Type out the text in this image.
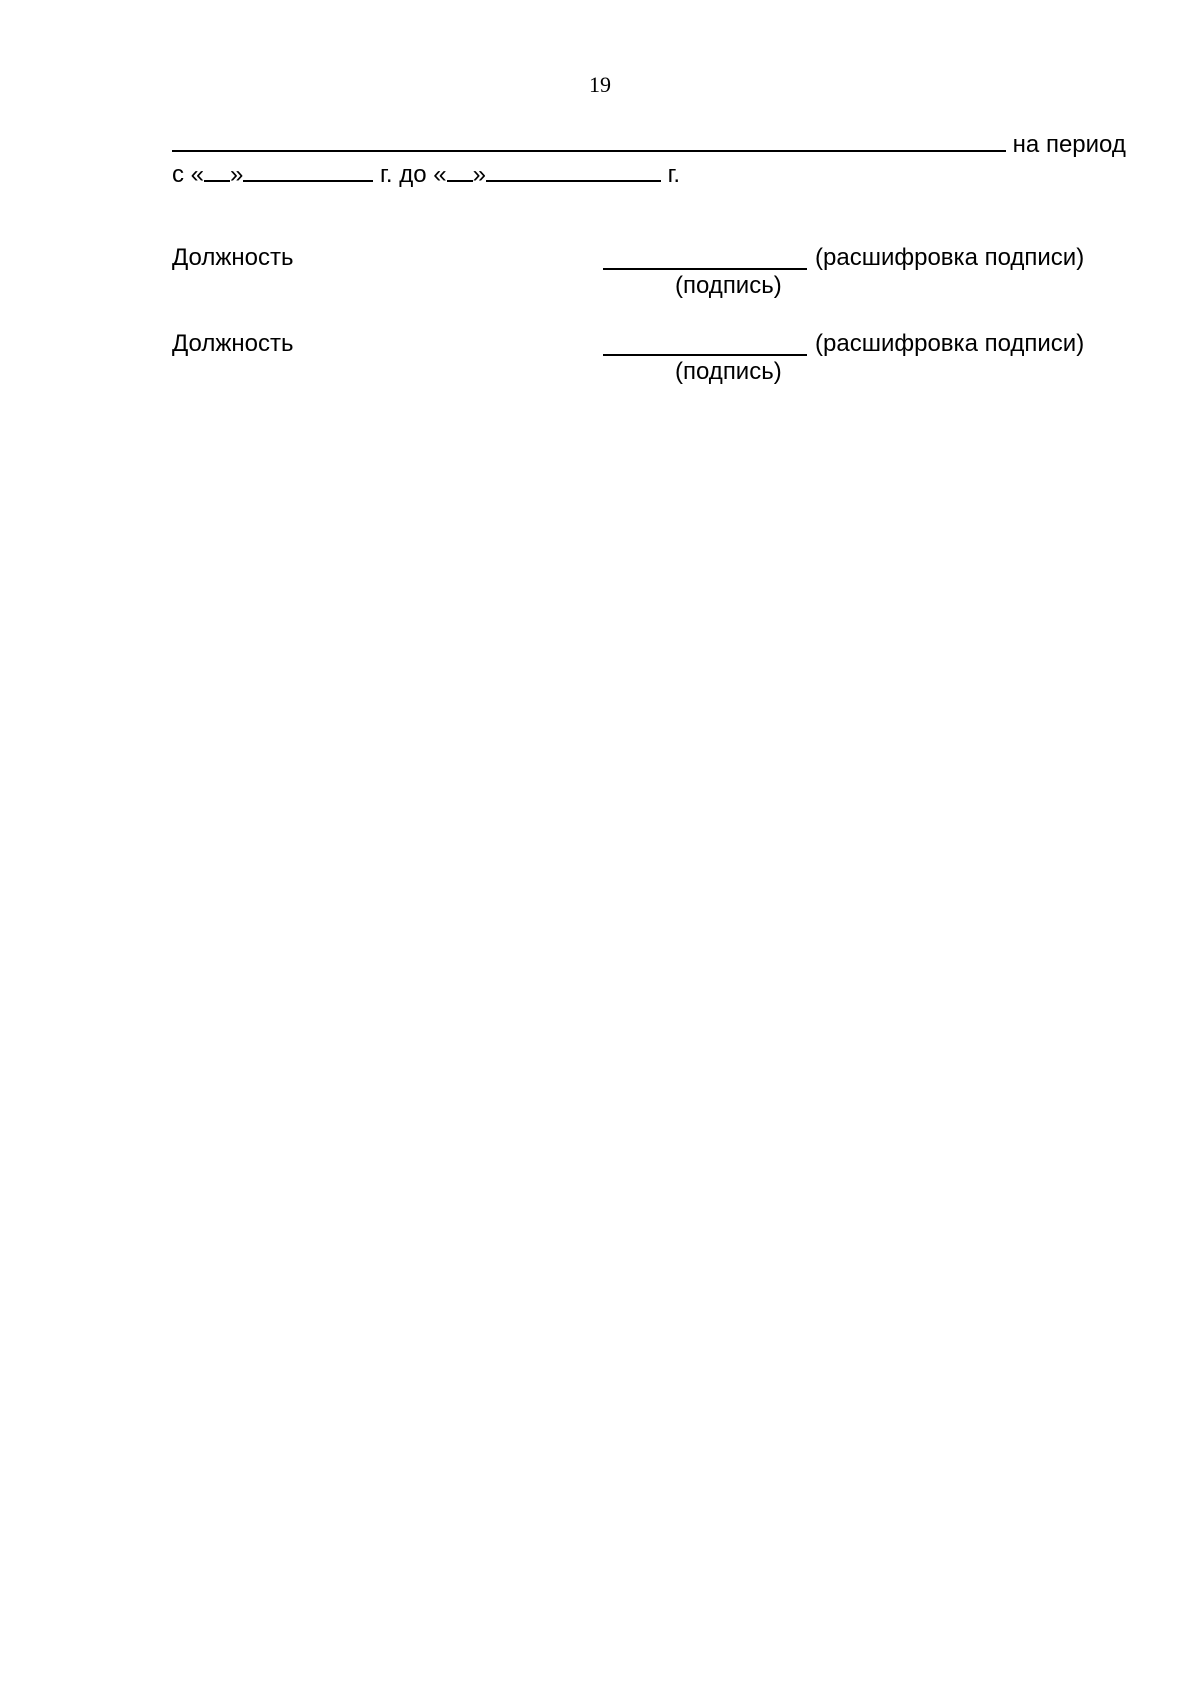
19
на период
с « »	г. до « »	г.
Должность	(расшифровка подписи)
(подпись)
Должность	(расшифровка подписи)
(подпись)
